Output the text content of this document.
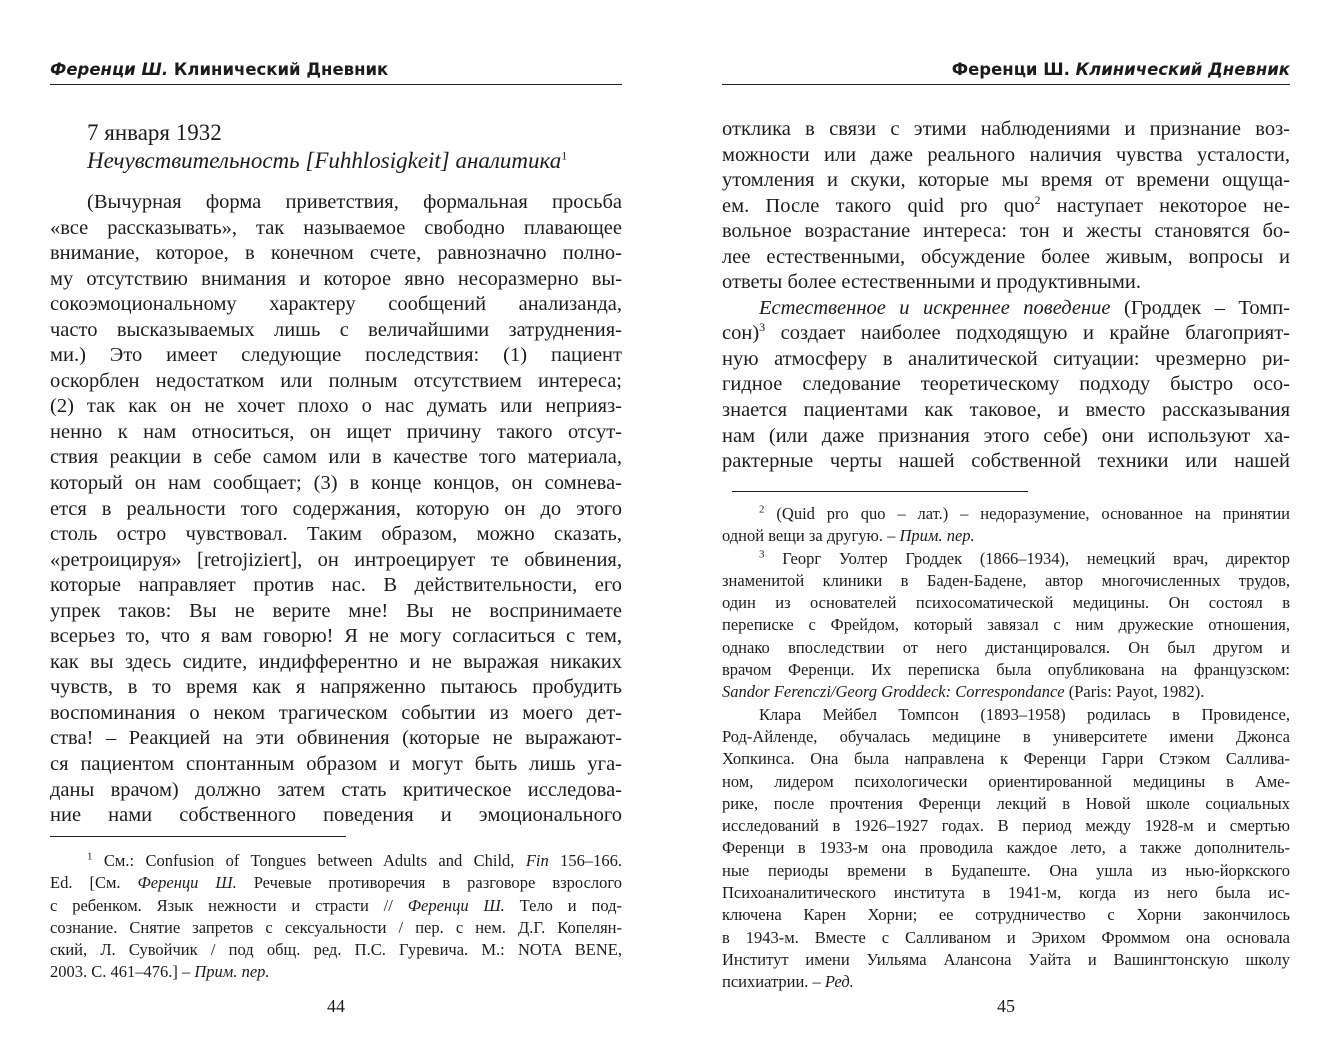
Ференци Ш. Клинический Дневник
7 января 1932
Нечувствительность [Fuhhlosigkeit] аналитика$^1$
(Вычурная форма приветствия, формальная просьба
«все рассказывать», так называемое свободно плавающее
внимание, которое, в конечном счете, равнозначно полно-
му отсутствию внимания и которое явно несоразмерно вы-
сокоэмоциональному характеру сообщений анализанда,
часто высказываемых лишь с величайшими затруднения-
ми.) Это имеет следующие последствия: (1) пациент
оскорблен недостатком или полным отсутствием интереса;
(2) так как он не хочет плохо о нас думать или неприяз-
ненно к нам относиться, он ищет причину такого отсут-
ствия реакции в себе самом или в качестве того материала,
который он нам сообщает; (3) в конце концов, он сомнева-
ется в реальности того содержания, которую он до этого
столь остро чувствовал. Таким образом, можно сказать,
«ретроицируя» [retrojiziert], он интроецирует те обвинения,
которые направляет против нас. В действительности, его
упрек таков: Вы не верите мне! Вы не воспринимаете
всерьез то, что я вам говорю! Я не могу согласиться с тем,
как вы здесь сидите, индифферентно и не выражая никаких
чувств, в то время как я напряженно пытаюсь пробудить
воспоминания о неком трагическом событии из моего дет-
ства! – Реакцией на эти обвинения (которые не выражают-
ся пациентом спонтанным образом и могут быть лишь уга-
даны врачом) должно затем стать критическое исследова-
ние нами собственного поведения и эмоционального
$^1$ См.: Confusion of Tongues between Adults and Child, Fin 156–166.
Ed. [См. Ференци Ш. Речевые противоречия в разговоре взрослого
с ребенком. Язык нежности и страсти // Ференци Ш. Тело и под-
сознание. Снятие запретов с сексуальности / пер. с нем. Д.Г. Копелян-
ский, Л. Сувойчик / под общ. ред. П.С. Гуревича. М.: NOTA BENE,
2003. С. 461–476.] – Прим. пер.
44
Ференци Ш. Клинический Дневник
отклика в связи с этими наблюдениями и признание воз-
можности или даже реального наличия чувства усталости,
утомления и скуки, которые мы время от времени ощуща-
ем. После такого quid pro quo$^2$ наступает некоторое не-
вольное возрастание интереса: тон и жесты становятся бо-
лее естественными, обсуждение более живым, вопросы и
ответы более естественными и продуктивными.
Естественное и искреннее поведение (Гроддек – Томп-
сон)$^3$ создает наиболее подходящую и крайне благоприят-
ную атмосферу в аналитической ситуации: чрезмерно ри-
гидное следование теоретическому подходу быстро осо-
знается пациентами как таковое, и вместо рассказывания
нам (или даже признания этого себе) они используют ха-
рактерные черты нашей собственной техники или нашей
$^2$ (Quid pro quo – лат.) – недоразумение, основанное на принятии
одной вещи за другую. – Прим. пер.
$^3$ Георг Уолтер Гроддек (1866–1934), немецкий врач, директор
знаменитой клиники в Баден-Бадене, автор многочисленных трудов,
один из основателей психосоматической медицины. Он состоял в
переписке с Фрейдом, который завязал с ним дружеские отношения,
однако впоследствии от него дистанцировался. Он был другом и
врачом Ференци. Их переписка была опубликована на французском:
Sandor Ferenczi/Georg Groddeck: Correspondance (Paris: Payot, 1982).
Клара Мейбел Томпсон (1893–1958) родилась в Провиденсе,
Род-Айленде, обучалась медицине в университете имени Джонса
Хопкинса. Она была направлена к Ференци Гарри Стэком Саллива-
ном, лидером психологически ориентированной медицины в Аме-
рике, после прочтения Ференци лекций в Новой школе социальных
исследований в 1926–1927 годах. В период между 1928-м и смертью
Ференци в 1933-м она проводила каждое лето, а также дополнитель-
ные периоды времени в Будапеште. Она ушла из нью-йоркского
Психоаналитического института в 1941-м, когда из него была ис-
ключена Карен Хорни; ее сотрудничество с Хорни закончилось
в 1943-м. Вместе с Салливаном и Эрихом Фроммом она основала
Институт имени Уильяма Алансона Уайта и Вашингтонскую школу
психиатрии. – Ред.
45
